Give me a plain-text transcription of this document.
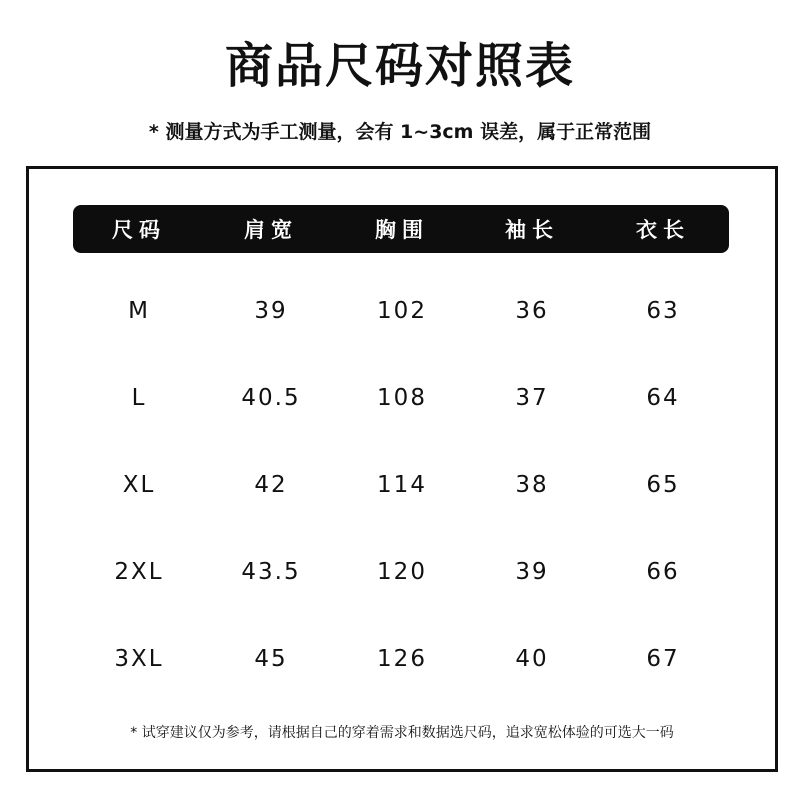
商品尺码对照表
* 测量方式为手工测量，会有 1~3cm 误差，属于正常范围
尺码	肩宽	胸围	袖长	衣长
M	39	102	36	63
L	40.5	108	37	64
XL	42	114	38	65
2XL	43.5	120	39	66
3XL	45	126	40	67
* 试穿建议仅为参考，请根据自己的穿着需求和数据选尺码，追求宽松体验的可选大一码
